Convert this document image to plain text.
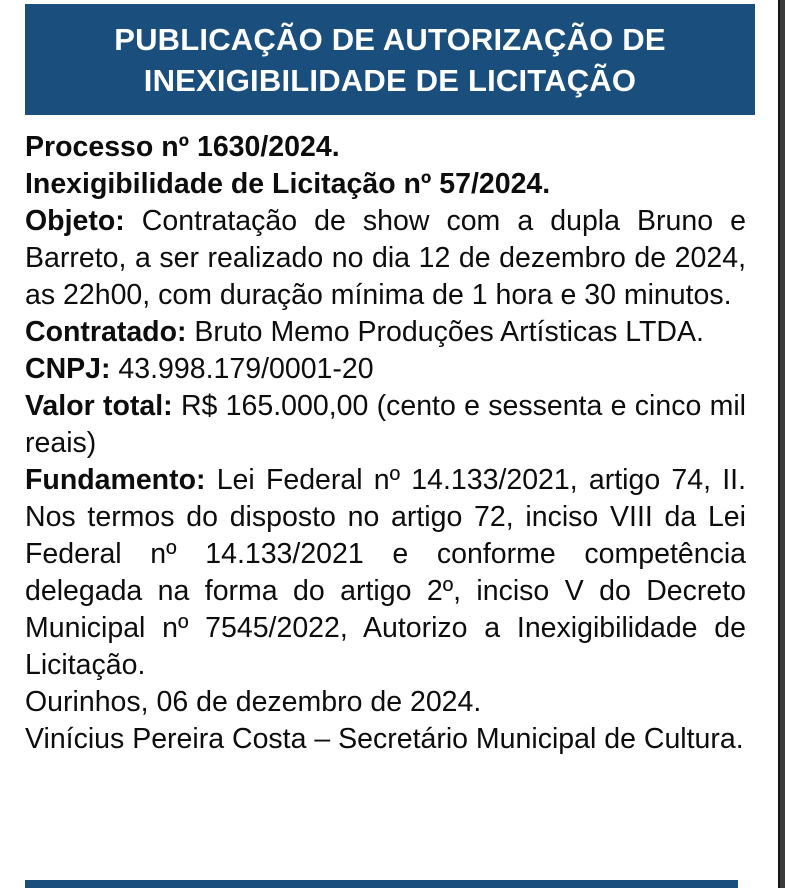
PUBLICAÇÃO DE AUTORIZAÇÃO DE INEXIGIBILIDADE DE LICITAÇÃO

Processo nº 1630/2024.

Inexigibilidade de Licitação nº 57/2024.

Objeto: Contratação de show com a dupla Bruno e Barreto, a ser realizado no dia 12 de dezembro de 2024, as 22h00, com duração mínima de 1 hora e 30 minutos.

Contratado: Bruto Memo Produções Artísticas LTDA.

CNPJ: 43.998.179/0001-20

Valor total: R$ 165.000,00 (cento e sessenta e cinco mil reais)

Fundamento: Lei Federal nº 14.133/2021, artigo 74, II. Nos termos do disposto no artigo 72, inciso VIII da Lei Federal nº 14.133/2021 e conforme competência delegada na forma do artigo 2º, inciso V do Decreto Municipal nº 7545/2022, Autorizo a Inexigibilidade de Licitação.

Ourinhos, 06 de dezembro de 2024.

Vinícius Pereira Costa – Secretário Municipal de Cultura.
